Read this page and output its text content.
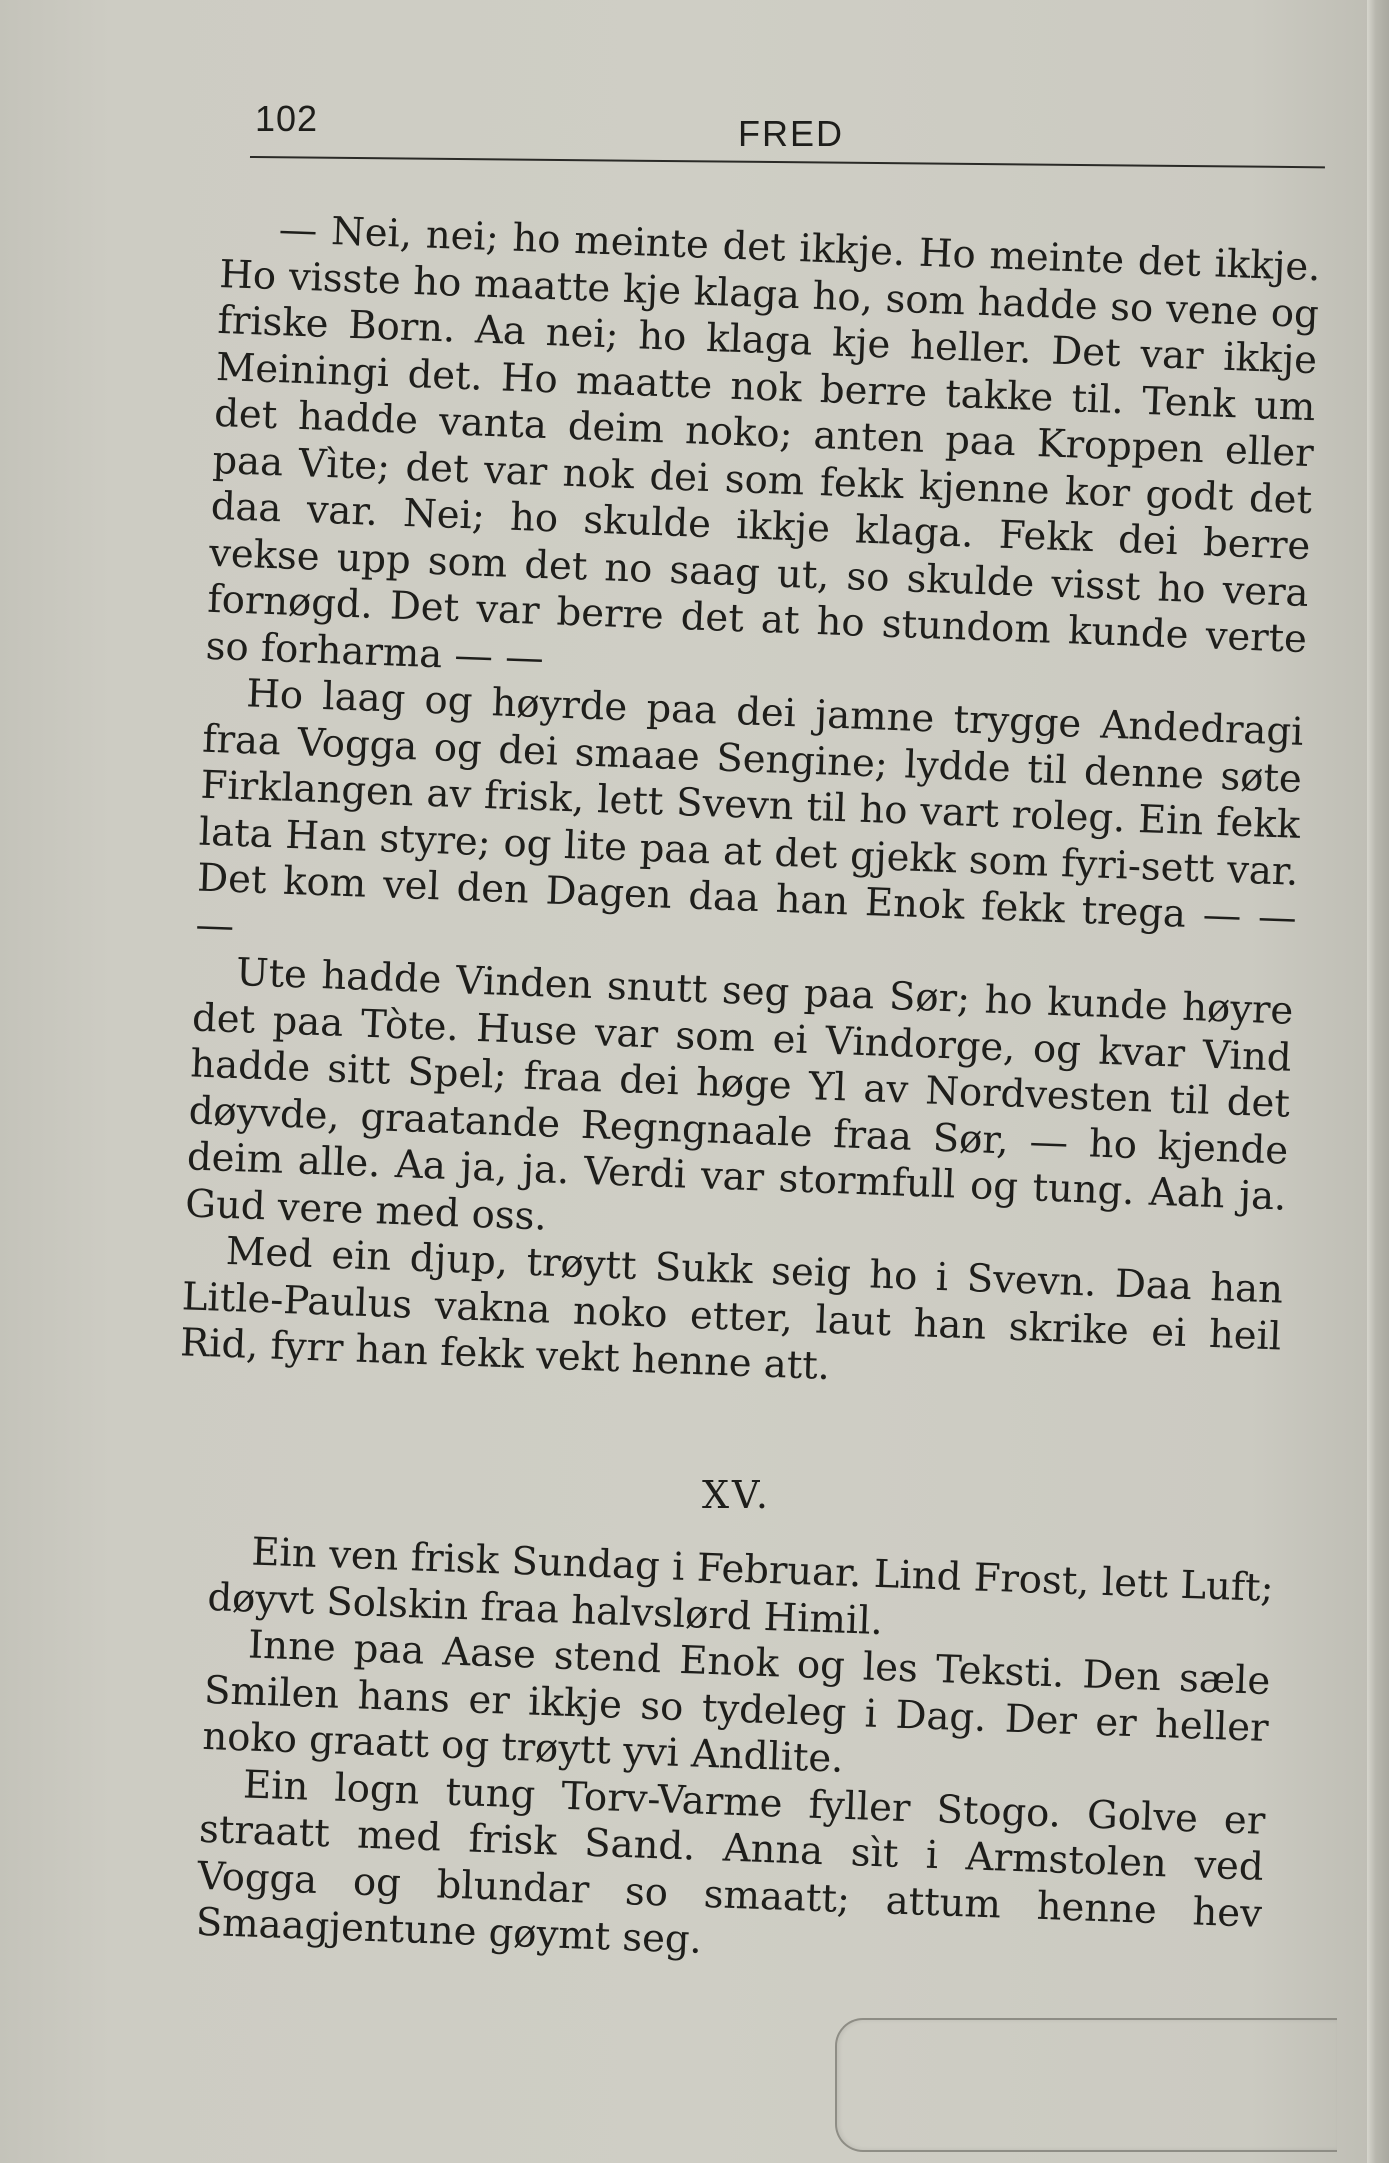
102	FRED

— Nei, nei; ho meinte det ikkje. Ho meinte det ikkje. Ho visste ho maatte kje klaga ho, som hadde so vene og friske Born. Aa nei; ho klaga kje heller. Det var ikkje Meiningi det. Ho maatte nok berre takke til. Tenk um det hadde vanta deim noko; anten paa Kroppen eller paa Vìte; det var nok dei som fekk kjenne kor godt det daa var. Nei; ho skulde ikkje klaga. Fekk dei berre vekse upp som det no saag ut, so skulde visst ho vera fornøgd. Det var berre det at ho stundom kunde verte so forharma — —

Ho laag og høyrde paa dei jamne trygge Andedragi fraa Vogga og dei smaae Sengine; lydde til denne søte Firklangen av frisk, lett Svevn til ho vart roleg. Ein fekk lata Han styre; og lite paa at det gjekk som fyri-sett var. Det kom vel den Dagen daa han Enok fekk trega — — —

Ute hadde Vinden snutt seg paa Sør; ho kunde høyre det paa Tòte. Huse var som ei Vindorge, og kvar Vind hadde sitt Spel; fraa dei høge Yl av Nordvesten til det døyvde, graatande Regngnaale fraa Sør, — ho kjende deim alle. Aa ja, ja. Verdi var stormfull og tung. Aah ja. Gud vere med oss.

Med ein djup, trøytt Sukk seig ho i Svevn. Daa han Litle-Paulus vakna noko etter, laut han skrike ei heil Rid, fyrr han fekk vekt henne att.

XV.

Ein ven frisk Sundag i Februar. Lind Frost, lett Luft; døyvt Solskin fraa halvslørd Himil.

Inne paa Aase stend Enok og les Teksti. Den sæle Smilen hans er ikkje so tydeleg i Dag. Der er heller noko graatt og trøytt yvi Andlite.

Ein logn tung Torv-Varme fyller Stogo. Golve er straatt med frisk Sand. Anna sìt i Armstolen ved Vogga og blundar so smaatt; attum henne hev Smaagjentune gøymt seg.
